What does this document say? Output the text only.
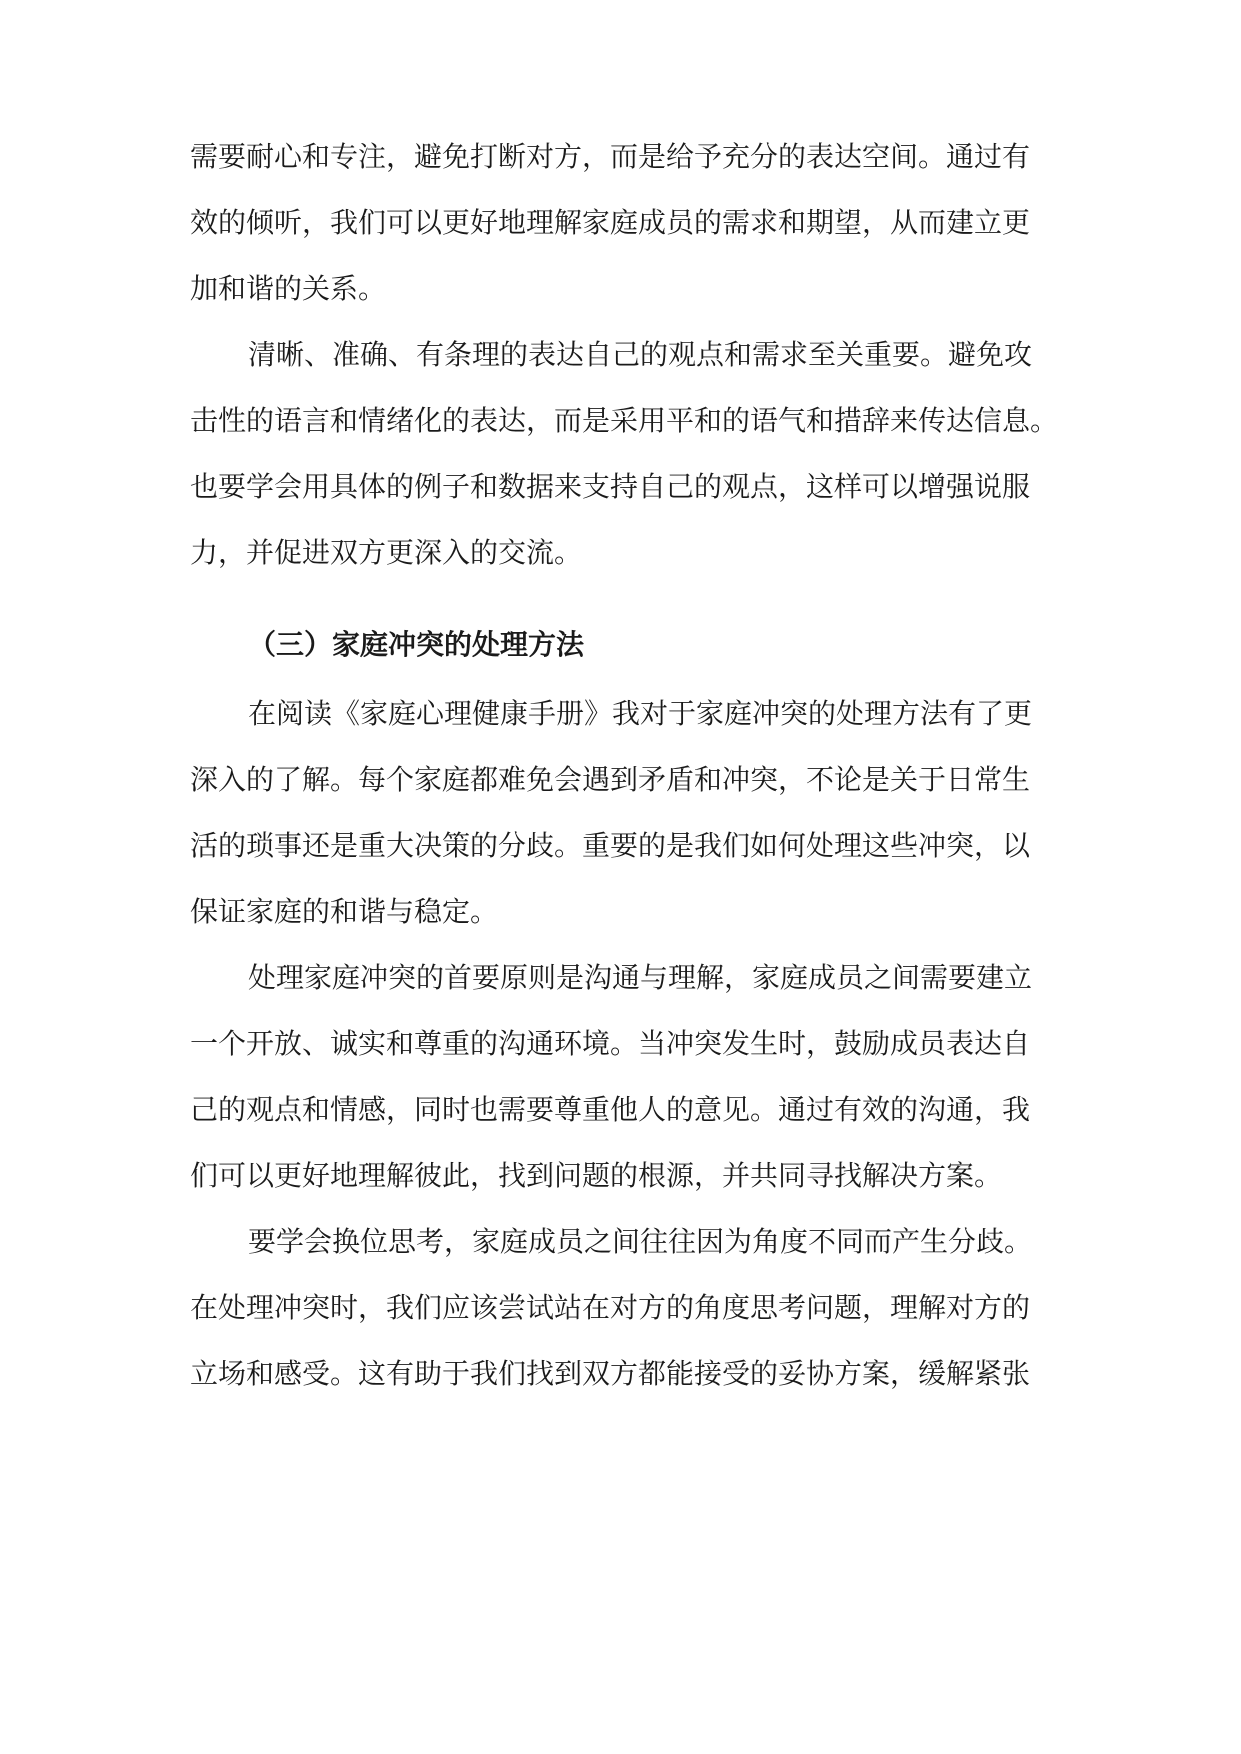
需要耐心和专注，避免打断对方，而是给予充分的表达空间。通过有
效的倾听，我们可以更好地理解家庭成员的需求和期望，从而建立更
加和谐的关系。
清晰、准确、有条理的表达自己的观点和需求至关重要。避免攻
击性的语言和情绪化的表达，而是采用平和的语气和措辞来传达信息。
也要学会用具体的例子和数据来支持自己的观点，这样可以增强说服
力，并促进双方更深入的交流。
（三）家庭冲突的处理方法
在阅读《家庭心理健康手册》我对于家庭冲突的处理方法有了更
深入的了解。每个家庭都难免会遇到矛盾和冲突，不论是关于日常生
活的琐事还是重大决策的分歧。重要的是我们如何处理这些冲突，以
保证家庭的和谐与稳定。
处理家庭冲突的首要原则是沟通与理解，家庭成员之间需要建立
一个开放、诚实和尊重的沟通环境。当冲突发生时，鼓励成员表达自
己的观点和情感，同时也需要尊重他人的意见。通过有效的沟通，我
们可以更好地理解彼此，找到问题的根源，并共同寻找解决方案。
要学会换位思考，家庭成员之间往往因为角度不同而产生分歧。
在处理冲突时，我们应该尝试站在对方的角度思考问题，理解对方的
立场和感受。这有助于我们找到双方都能接受的妥协方案，缓解紧张
